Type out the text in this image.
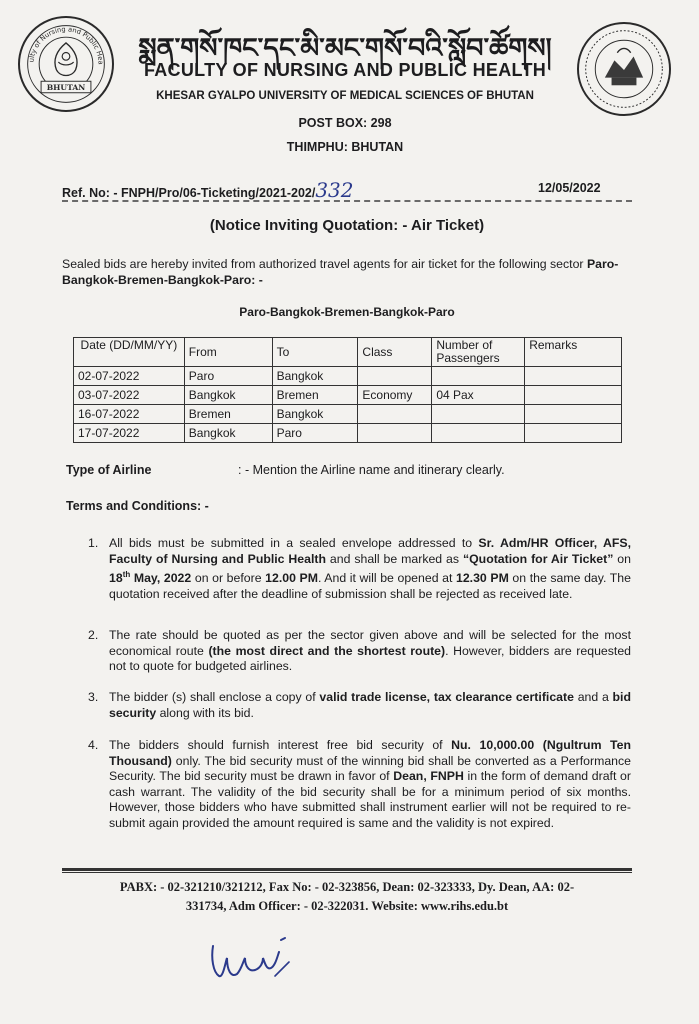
ulty of Nursing and Public Hea
BHUTAN
སྨན་གསོ་ཁང་དང་མི་མང་གསོ་བའི་སློབ་ཚོགས།
FACULTY OF NURSING AND PUBLIC HEALTH
KHESAR GYALPO UNIVERSITY OF MEDICAL SCIENCES OF BHUTAN
POST BOX: 298
THIMPHU: BHUTAN
Ref. No: - FNPH/Pro/06-Ticketing/2021-202/332	12/05/2022
(Notice Inviting Quotation: - Air Ticket)
Sealed bids are hereby invited from authorized travel agents for air ticket for the following sector Paro-Bangkok-Bremen-Bangkok-Paro: -
Paro-Bangkok-Bremen-Bangkok-Paro
Date (DD/MM/YY)	From	To	Class	Number of Passengers	Remarks
02-07-2022	Paro	Bangkok			
03-07-2022	Bangkok	Bremen	Economy	04 Pax	
16-07-2022	Bremen	Bangkok			
17-07-2022	Bangkok	Paro			
Type of Airline	: - Mention the Airline name and itinerary clearly.
Terms and Conditions: -
1. All bids must be submitted in a sealed envelope addressed to Sr. Adm/HR Officer, AFS, Faculty of Nursing and Public Health and shall be marked as “Quotation for Air Ticket” on 18th May, 2022 on or before 12.00 PM. And it will be opened at 12.30 PM on the same day. The quotation received after the deadline of submission shall be rejected as received late.
2. The rate should be quoted as per the sector given above and will be selected for the most economical route (the most direct and the shortest route). However, bidders are requested not to quote for budgeted airlines.
3. The bidder (s) shall enclose a copy of valid trade license, tax clearance certificate and a bid security along with its bid.
4. The bidders should furnish interest free bid security of Nu. 10,000.00 (Ngultrum Ten Thousand) only. The bid security must of the winning bid shall be converted as a Performance Security. The bid security must be drawn in favor of Dean, FNPH in the form of demand draft or cash warrant. The validity of the bid security shall be for a minimum period of six months. However, those bidders who have submitted shall instrument earlier will not be required to re-submit again provided the amount required is same and the validity is not expired.
PABX: - 02-321210/321212, Fax No: - 02-323856, Dean: 02-323333, Dy. Dean, AA: 02-
331734, Adm Officer: - 02-322031. Website: www.rihs.edu.bt
